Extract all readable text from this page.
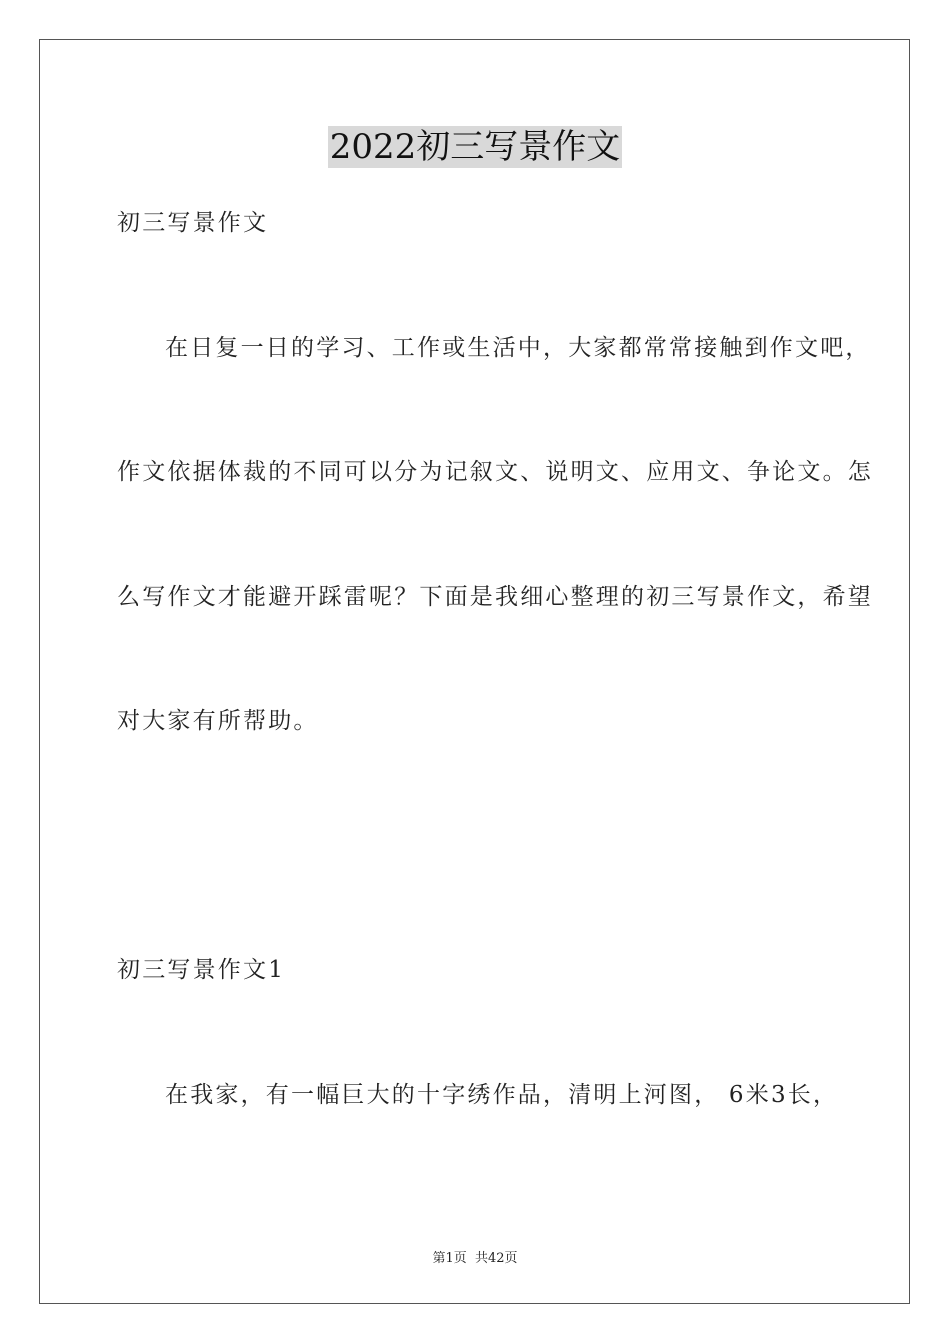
2022初三写景作文
初三写景作文
在日复一日的学习、工作或生活中，大家都常常接触到作文吧，
作文依据体裁的不同可以分为记叙文、说明文、应用文、争论文。怎
么写作文才能避开踩雷呢？下面是我细心整理的初三写景作文，希望
对大家有所帮助。
初三写景作文1
在我家，有一幅巨大的十字绣作品，清明上河图， 6米3长，
第1页  共42页
